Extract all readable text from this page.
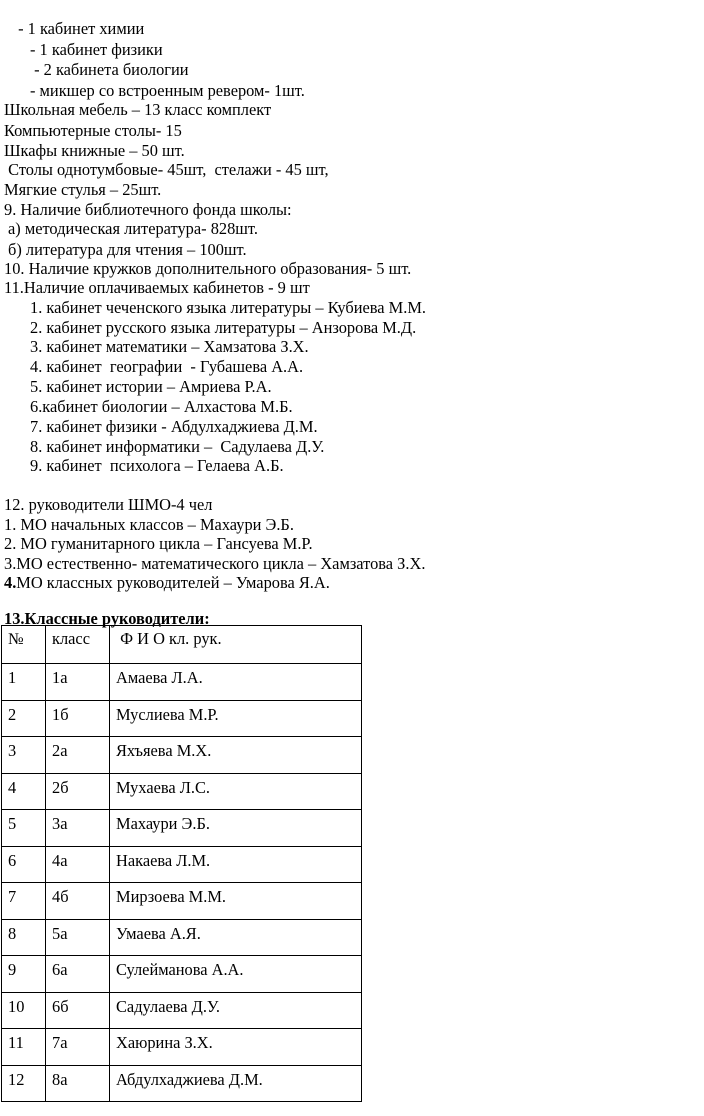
- 1 кабинет химии
- 1 кабинет физики
- 2 кабинета биологии
- микшер со встроенным ревером- 1шт.
Школьная мебель – 13 класс комплект
Компьютерные столы- 15
Шкафы книжные – 50 шт.
Столы однотумбовые- 45шт,  стелажи - 45 шт,
Мягкие стулья – 25шт.
9. Наличие библиотечного фонда школы:
а) методическая литература- 828шт.
б) литература для чтения – 100шт.
10. Наличие кружков дополнительного образования- 5 шт.
11.Наличие оплачиваемых кабинетов - 9 шт
1. кабинет чеченского языка литературы – Кубиева М.М.
2. кабинет русского языка литературы – Анзорова М.Д.
3. кабинет математики – Хамзатова З.Х.
4. кабинет  географии  - Губашева А.А.
5. кабинет истории – Амриева Р.А.
6.кабинет биологии – Алхастова М.Б.
7. кабинет физики - Абдулхаджиева Д.М.
8. кабинет информатики –  Садулаева Д.У.
9. кабинет  психолога – Гелаева А.Б.
12. руководители ШМО-4 чел
1. МО начальных классов – Махаури Э.Б.
2. МО гуманитарного цикла – Гансуева М.Р.
3.МО естественно- математического цикла – Хамзатова З.Х.
4.МО классных руководителей – Умарова Я.А.
13.Классные руководители:
№	класс	Ф И О кл. рук.
1	1а	Амаева Л.А.
2	1б	Муслиева М.Р.
3	2а	Яхъяева М.Х.
4	2б	Мухаева Л.С.
5	3а	Махаури Э.Б.
6	4а	Накаева Л.М.
7	4б	Мирзоева М.М.
8	5а	Умаева А.Я.
9	6а	Сулейманова А.А.
10	6б	Садулаева Д.У.
11	7а	Хаюрина З.Х.
12	8а	Абдулхаджиева Д.М.
